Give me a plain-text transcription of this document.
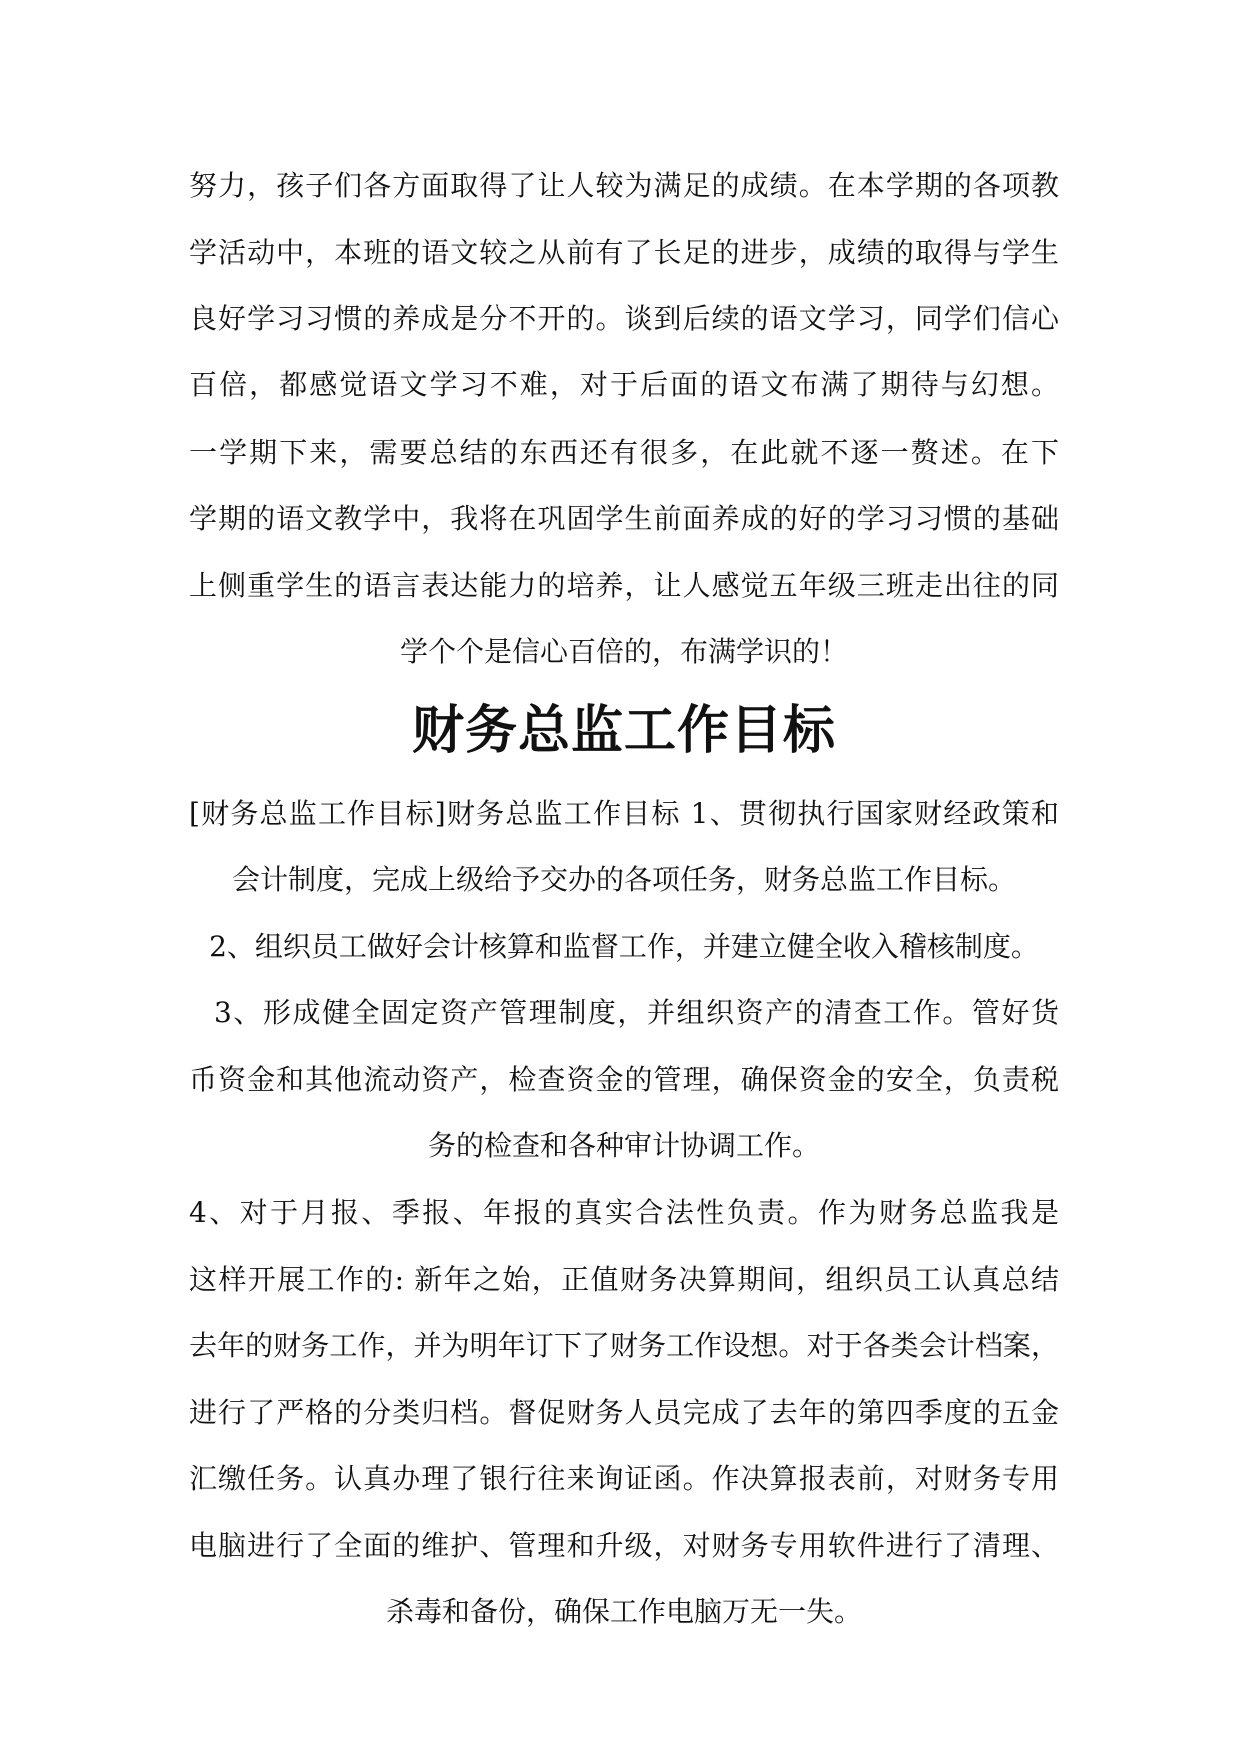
努力，孩子们各方面取得了让人较为满足的成绩。在本学期的各项教
学活动中，本班的语文较之从前有了长足的进步，成绩的取得与学生
良好学习习惯的养成是分不开的。谈到后续的语文学习，同学们信心
百倍，都感觉语文学习不难，对于后面的语文布满了期待与幻想。
一学期下来，需要总结的东西还有很多，在此就不逐一赘述。在下
学期的语文教学中，我将在巩固学生前面养成的好的学习习惯的基础
上侧重学生的语言表达能力的培养，让人感觉五年级三班走出往的同
学个个是信心百倍的，布满学识的！
财务总监工作目标
[财务总监工作目标]财务总监工作目标 1、贯彻执行国家财经政策和
会计制度，完成上级给予交办的各项任务，财务总监工作目标。
2、组织员工做好会计核算和监督工作，并建立健全收入稽核制度。
3、形成健全固定资产管理制度，并组织资产的清查工作。管好货
币资金和其他流动资产，检查资金的管理，确保资金的安全，负责税
务的检查和各种审计协调工作。
4、对于月报、季报、年报的真实合法性负责。作为财务总监我是
这样开展工作的: 新年之始，正值财务决算期间，组织员工认真总结
去年的财务工作，并为明年订下了财务工作设想。对于各类会计档案，
进行了严格的分类归档。督促财务人员完成了去年的第四季度的五金
汇缴任务。认真办理了银行往来询证函。作决算报表前，对财务专用
电脑进行了全面的维护、管理和升级，对财务专用软件进行了清理、
杀毒和备份，确保工作电脑万无一失。
